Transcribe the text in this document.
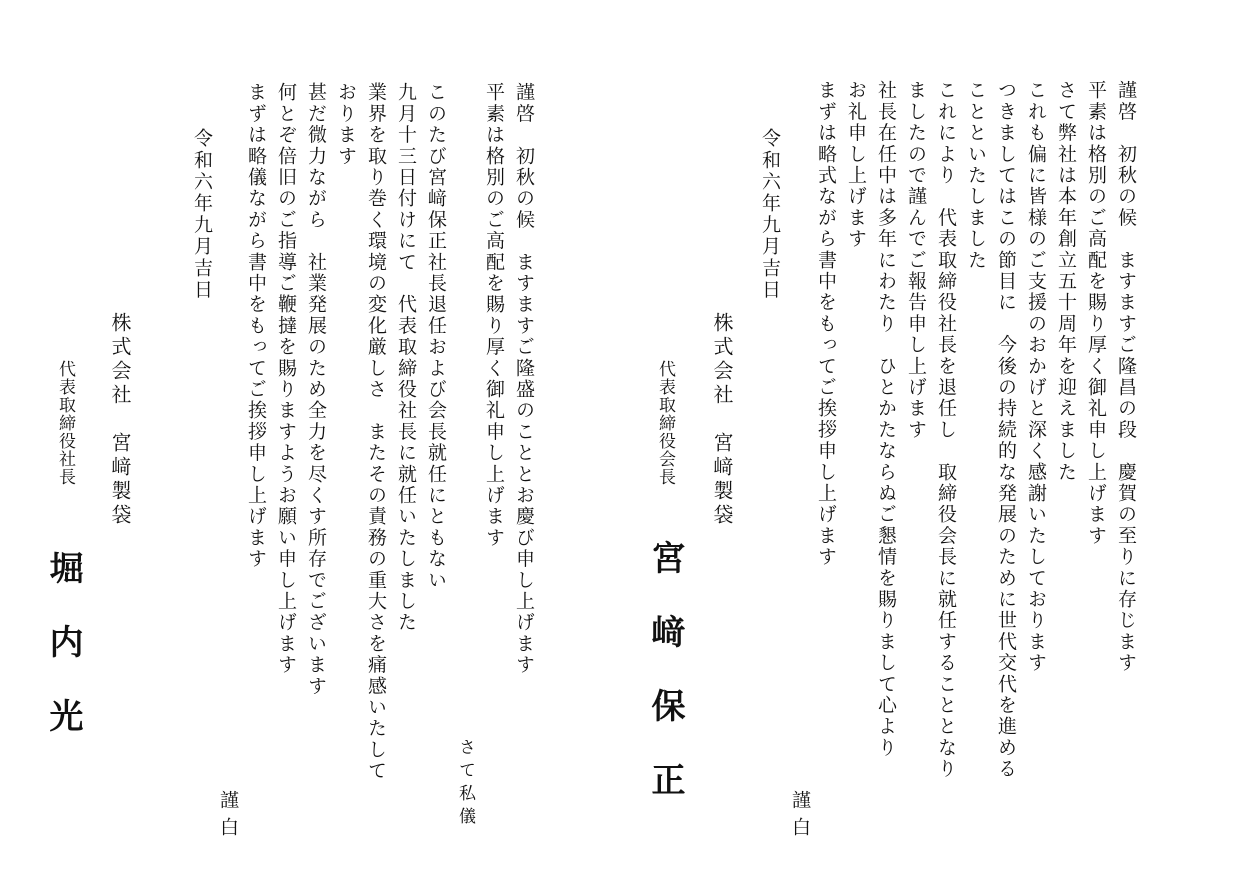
謹啓　初秋の候　ますますご隆昌の段　慶賀の至りに存じます
平素は格別のご高配を賜り厚く御礼申し上げます
さて弊社は本年創立五十周年を迎えました
これも偏に皆様のご支援のおかげと深く感謝いたしております
つきましてはこの節目に　今後の持続的な発展のために世代交代を進める
ことといたしました
これにより　代表取締役社長を退任し　取締役会長に就任することとなり
ましたので謹んでご報告申し上げます
社長在任中は多年にわたり　ひとかたならぬご懇情を賜りまして心より
お礼申し上げます
まずは略式ながら書中をもってご挨拶申し上げます
謹白
令和六年九月吉日
株式会社　宮﨑製袋
代表取締役会長
宮﨑保正
謹啓　初秋の候　ますますご隆盛のこととお慶び申し上げます
平素は格別のご高配を賜り厚く御礼申し上げます
さて私儀
このたび宮﨑保正社長退任および会長就任にともない
九月十三日付けにて　代表取締役社長に就任いたしました
業界を取り巻く環境の変化厳しさ　またその責務の重大さを痛感いたして
おります
甚だ微力ながら　社業発展のため全力を尽くす所存でございます
何とぞ倍旧のご指導ご鞭撻を賜りますようお願い申し上げます
まずは略儀ながら書中をもってご挨拶申し上げます
謹白
令和六年九月吉日
株式会社　宮﨑製袋
代表取締役社長
堀内光
